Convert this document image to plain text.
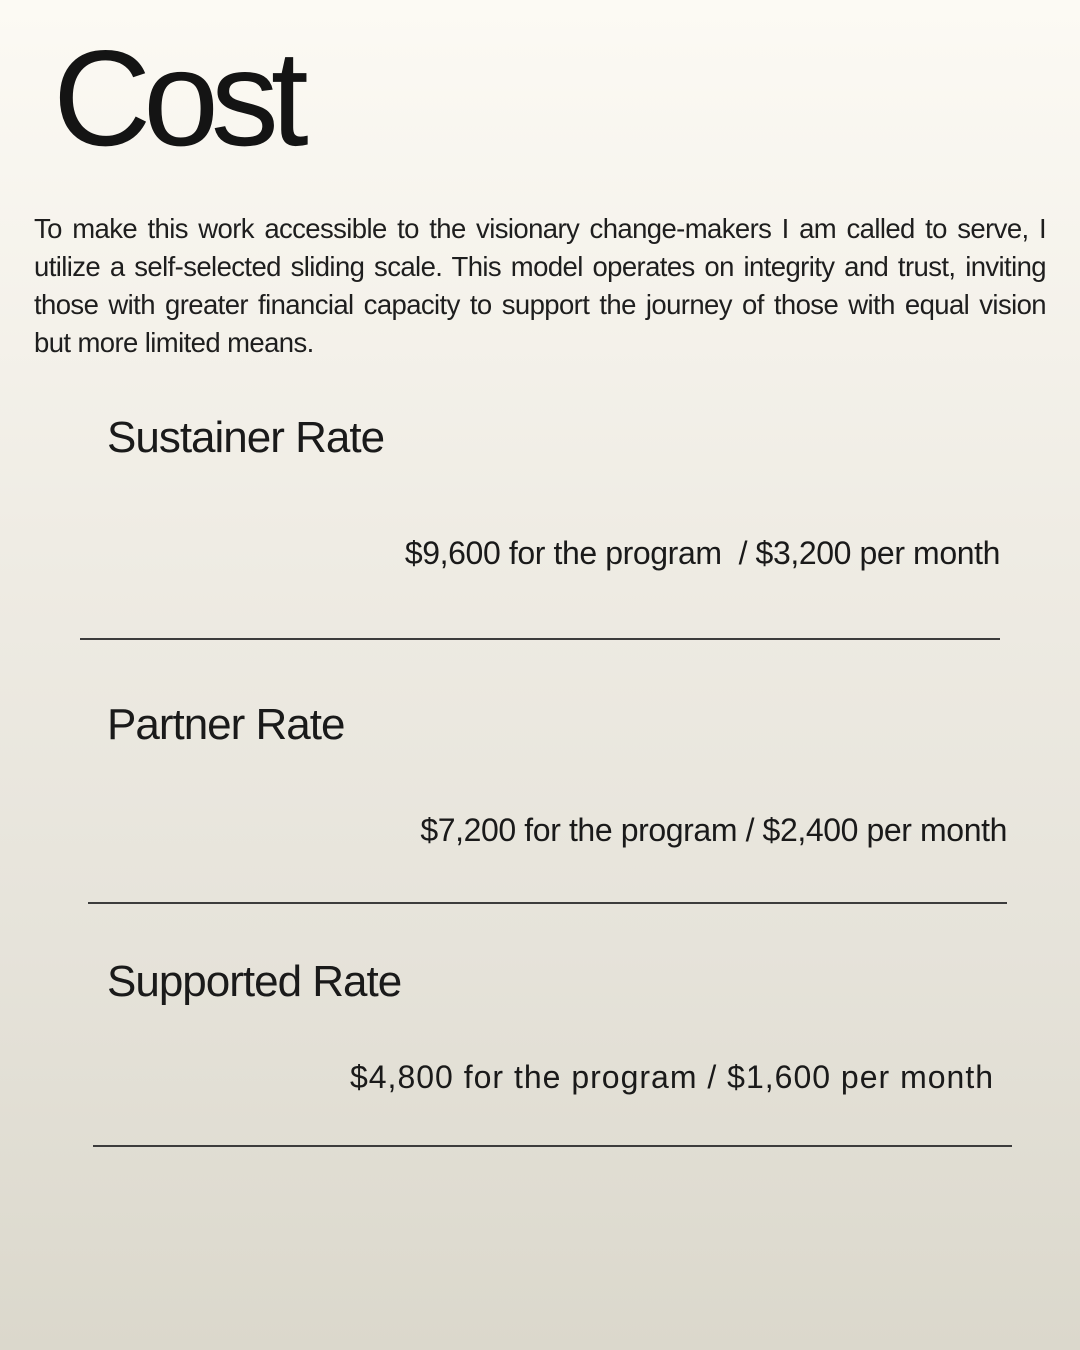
Cost

To make this work accessible to the visionary change-makers I am called to serve, I utilize a self-selected sliding scale. This model operates on integrity and trust, inviting those with greater financial capacity to support the journey of those with equal vision but more limited means.

Sustainer Rate

$9,600 for the program  / $3,200 per month

Partner Rate

$7,200 for the program / $2,400 per month

Supported Rate

$4,800 for the program / $1,600 per month
